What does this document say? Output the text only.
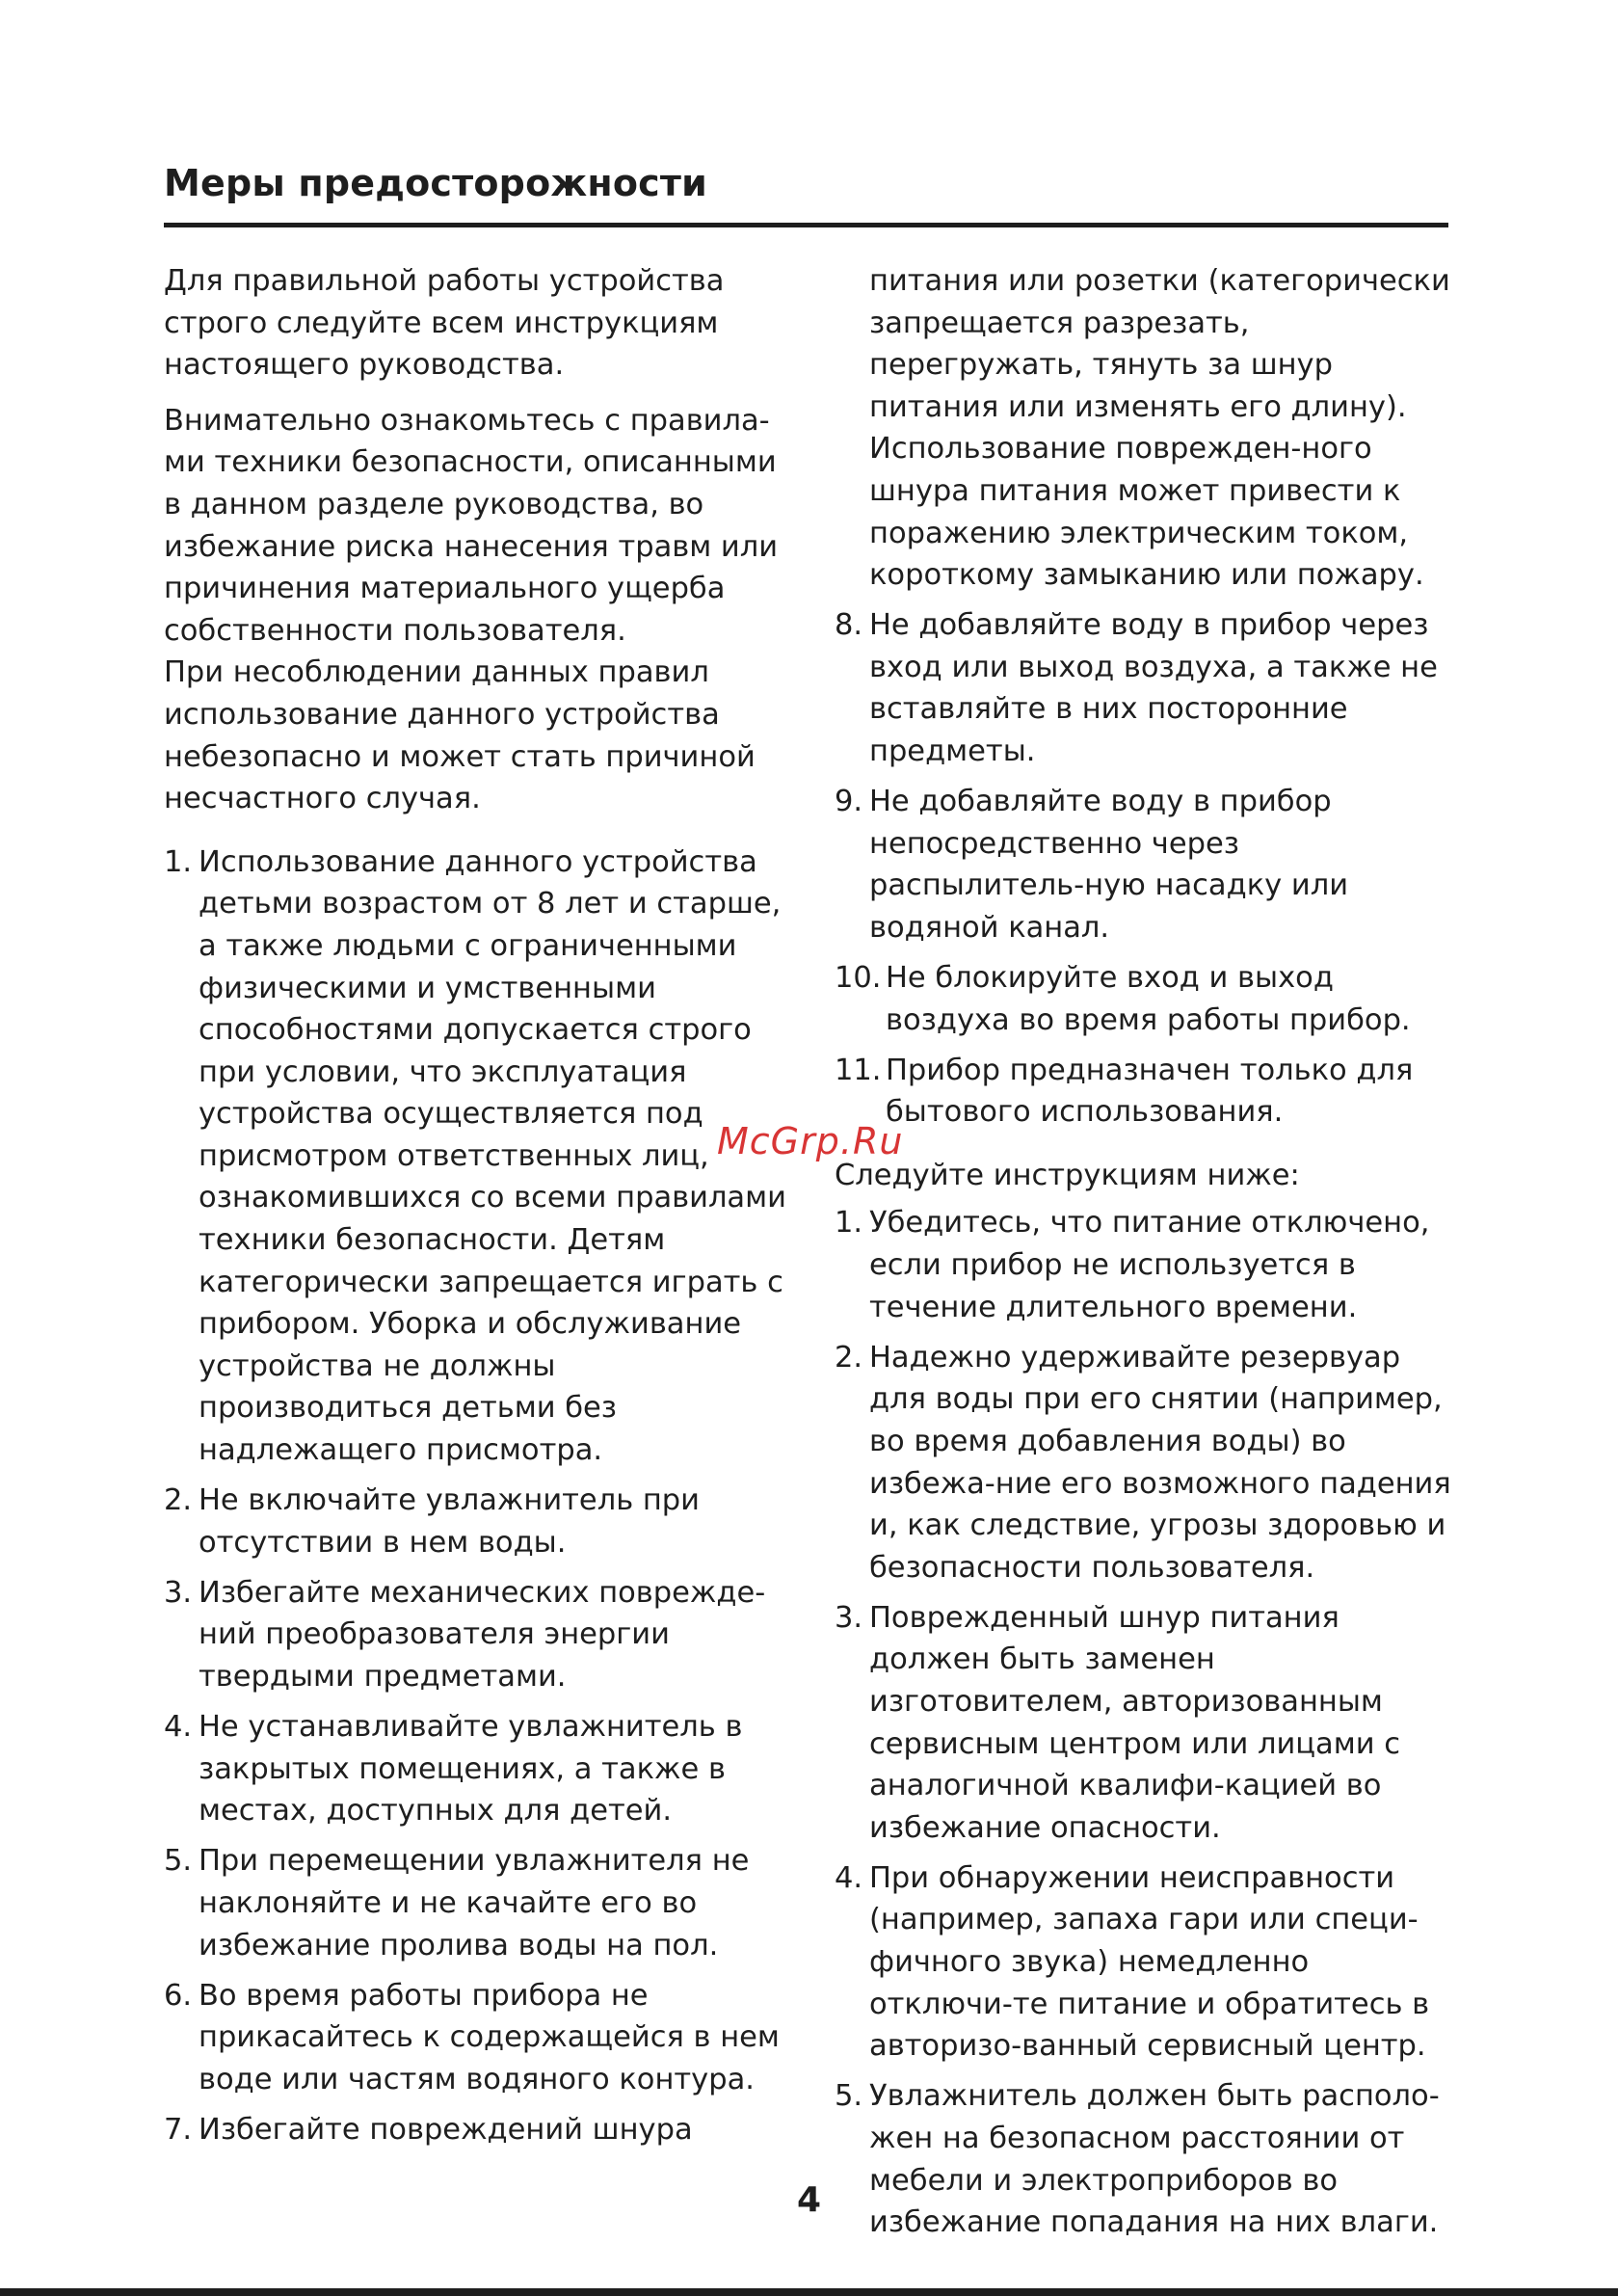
Меры предосторожности

Для правильной работы устройства строго следуйте всем инструкциям настоящего руководства.

Внимательно ознакомьтесь с правила-ми техники безопасности, описанными в данном разделе руководства, во избежание риска нанесения травм или причинения материального ущерба собственности пользователя.

При несоблюдении данных правил использование данного устройства небезопасно и может стать причиной несчастного случая.

1. Использование данного устройства детьми возрастом от 8 лет и старше, а также людьми с ограниченными физическими и умственными способностями допускается строго при условии, что эксплуатация устройства осуществляется под присмотром ответственных лиц, ознакомившихся со всеми правилами техники безопасности. Детям категорически запрещается играть с прибором. Уборка и обслуживание устройства не должны производиться детьми без надлежащего присмотра.
2. Не включайте увлажнитель при отсутствии в нем воды.
3. Избегайте механических поврежде-ний преобразователя энергии твердыми предметами.
4. Не устанавливайте увлажнитель в закрытых помещениях, а также в местах, доступных для детей.
5. При перемещении увлажнителя не наклоняйте и не качайте его во избежание пролива воды на пол.
6. Во время работы прибора не прикасайтесь к содержащейся в нем воде или частям водяного контура.
7. Избегайте повреждений шнура

питания или розетки (категорически запрещается разрезать, перегружать, тянуть за шнур питания или изменять его длину). Использование поврежден-ного шнура питания может привести к поражению электрическим током, короткому замыканию или пожару.

8. Не добавляйте воду в прибор через вход или выход воздуха, а также не вставляйте в них посторонние предметы.
9. Не добавляйте воду в прибор непосредственно через распылитель-ную насадку или водяной канал.
10. Не блокируйте вход и выход воздуха во время работы прибор.
11. Прибор предназначен только для бытового использования.

Следуйте инструкциям ниже:

1. Убедитесь, что питание отключено, если прибор не используется в течение длительного времени.
2. Надежно удерживайте резервуар для воды при его снятии (например, во время добавления воды) во избежа-ние его возможного падения и, как следствие, угрозы здоровью и безопасности пользователя.
3. Поврежденный шнур питания должен быть заменен изготовителем, авторизованным сервисным центром или лицами с аналогичной квалифи-кацией во избежание опасности.
4. При обнаружении неисправности (например, запаха гари или специ-фичного звука) немедленно отключи-те питание и обратитесь в авторизо-ванный сервисный центр.
5. Увлажнитель должен быть располо-жен на безопасном расстоянии от мебели и электроприборов во избежание попадания на них влаги.
McGrp.Ru
4
